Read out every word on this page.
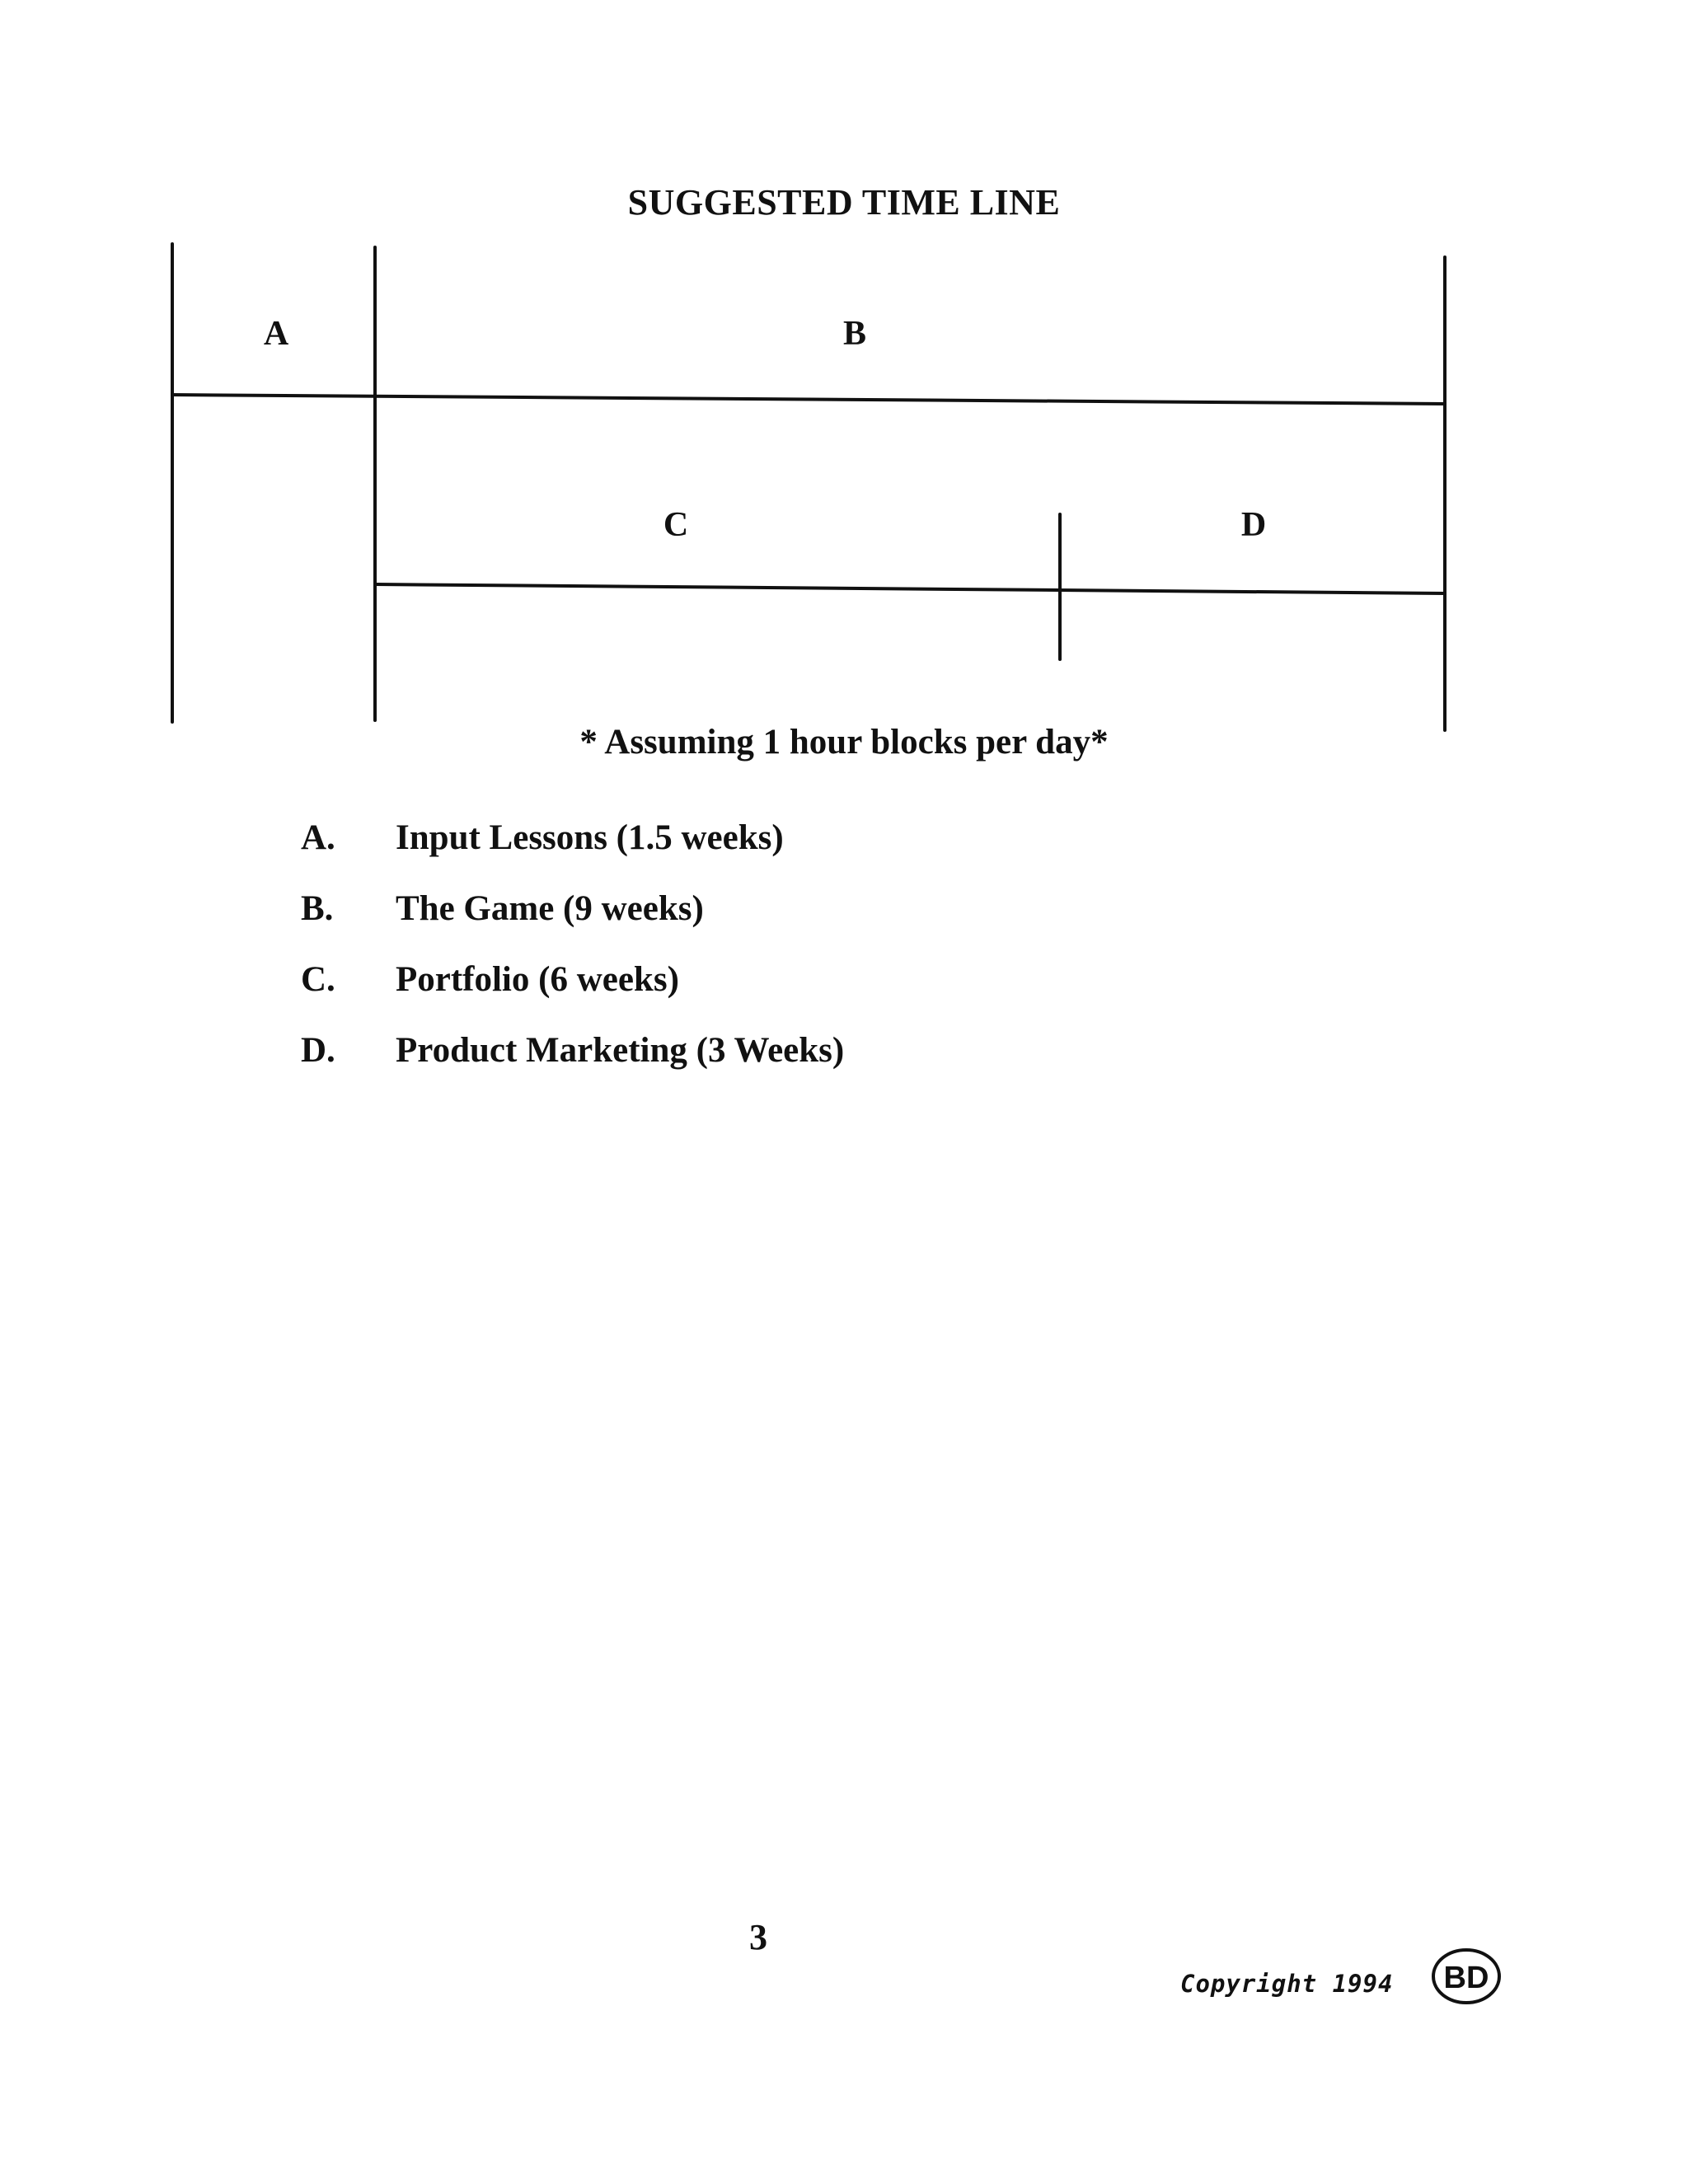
SUGGESTED TIME LINE
A	B
C	D
* Assuming 1 hour blocks per day*
A.	Input Lessons (1.5 weeks)
B.	The Game (9 weeks)
C.	Portfolio (6 weeks)
D.	Product Marketing (3 Weeks)
3
Copyright 1994 BD
